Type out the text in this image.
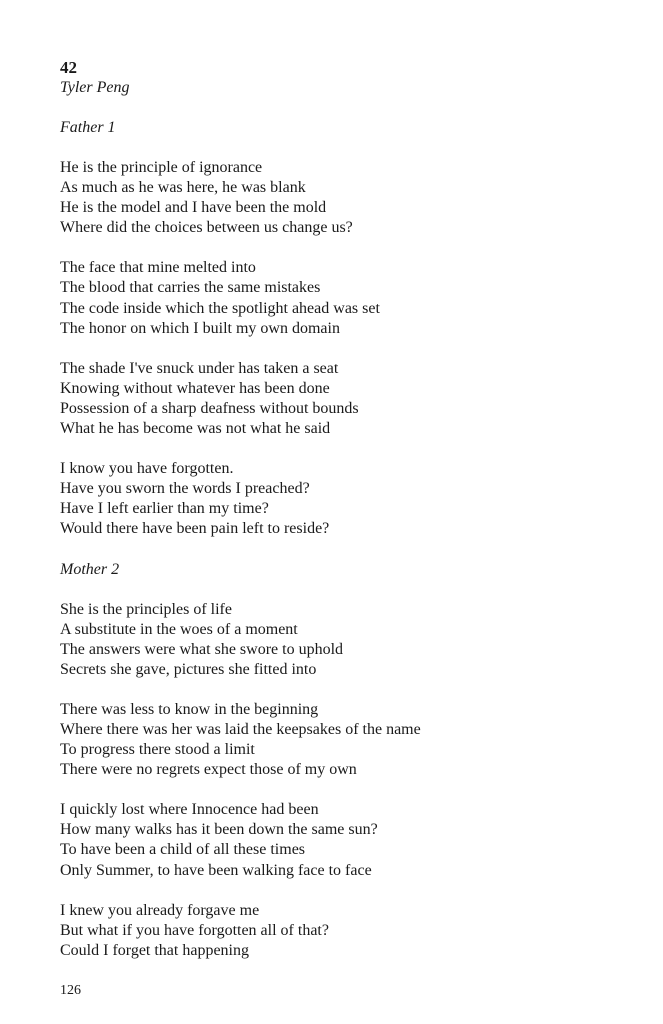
42
Tyler Peng
Father 1
He is the principle of ignorance
As much as he was here, he was blank
He is the model and I have been the mold
Where did the choices between us change us?
The face that mine melted into
The blood that carries the same mistakes
The code inside which the spotlight ahead was set
The honor on which I built my own domain
The shade I've snuck under has taken a seat
Knowing without whatever has been done
Possession of a sharp deafness without bounds
What he has become was not what he said
I know you have forgotten.
Have you sworn the words I preached?
Have I left earlier than my time?
Would there have been pain left to reside?
Mother 2
She is the principles of life
A substitute in the woes of a moment
The answers were what she swore to uphold
Secrets she gave, pictures she fitted into
There was less to know in the beginning
Where there was her was laid the keepsakes of the name
To progress there stood a limit
There were no regrets expect those of my own
I quickly lost where Innocence had been
How many walks has it been down the same sun?
To have been a child of all these times
Only Summer, to have been walking face to face
I knew you already forgave me
But what if you have forgotten all of that?
Could I forget that happening
126
